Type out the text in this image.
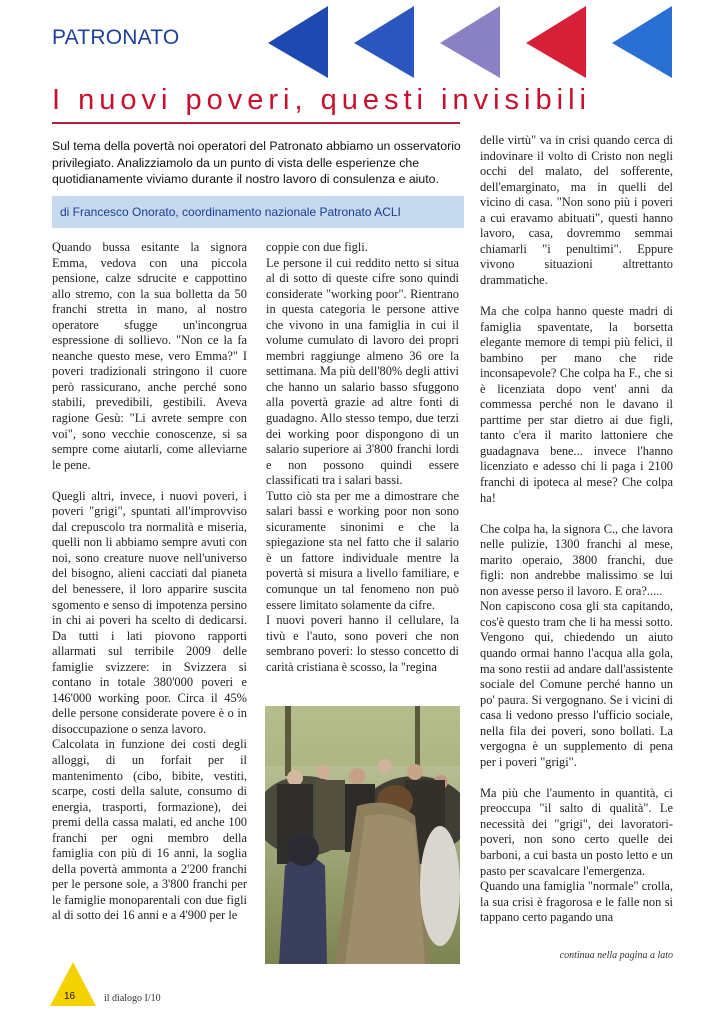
PATRONATO
I nuovi poveri, questi invisibili
Sul tema della povertà noi operatori del Patronato abbiamo un osservatorio privilegiato. Analizziamolo da un punto di vista delle esperienze che quotidianamente viviamo durante il nostro lavoro di consulenza e aiuto.
di Francesco Onorato, coordinamento nazionale Patronato ACLI

Quando bussa esitante la signora Emma, vedova con una piccola pensione, calze sdrucite e cappottino allo stremo, con la sua bolletta da 50 franchi stretta in mano, al nostro operatore sfugge un'incongrua espressione di sollievo. "Non ce la fa neanche questo mese, vero Emma?" I poveri tradizionali stringono il cuore però rassicurano, anche perché sono stabili, prevedibili, gestibili. Aveva ragione Gesù: "Li avrete sempre con voi", sono vecchie conoscenze, si sa sempre come aiutarli, come alleviarne le pene.

Quegli altri, invece, i nuovi poveri, i poveri "grigi", spuntati all'improvviso dal crepuscolo tra normalità e miseria, quelli non li abbiamo sempre avuti con noi, sono creature nuove nell'universo del bisogno, alieni cacciati dal pianeta del benessere, il loro apparire suscita sgomento e senso di impotenza persino in chi ai poveri ha scelto di dedicarsi. Da tutti i lati piovono rapporti allarmati sul terribile 2009 delle famiglie svizzere: in Svizzera si contano in totale 380'000 poveri e 146'000 working poor. Circa il 45% delle persone considerate povere è o in disoccupazione o senza lavoro.

Calcolata in funzione dei costi degli alloggi, di un forfait per il mantenimento (cibo, bibite, vestiti, scarpe, costi della salute, consumo di energia, trasporti, formazione), dei premi della cassa malati, ed anche 100 franchi per ogni membro della famiglia con più di 16 anni, la soglia della povertà ammonta a 2'200 franchi per le persone sole, a 3'800 franchi per le famiglie monoparentali con due figli al di sotto dei 16 anni e a 4'900 per le

coppie con due figli.

Le persone il cui reddito netto si situa al di sotto di queste cifre sono quindi considerate "working poor". Rientrano in questa categoria le persone attive che vivono in una famiglia in cui il volume cumulato di lavoro dei propri membri raggiunge almeno 36 ore la settimana. Ma più dell'80% degli attivi che hanno un salario basso sfuggono alla povertà grazie ad altre fonti di guadagno. Allo stesso tempo, due terzi dei working poor dispongono di un salario superiore ai 3'800 franchi lordi e non possono quindi essere classificati tra i salari bassi.

Tutto ciò sta per me a dimostrare che salari bassi e working poor non sono sicuramente sinonimi e che la spiegazione sta nel fatto che il salario è un fattore individuale mentre la povertà si misura a livello familiare, e comunque un tal fenomeno non può essere limitato solamente da cifre.

I nuovi poveri hanno il cellulare, la tivù e l'auto, sono poveri che non sembrano poveri: lo stesso concetto di carità cristiana è scosso, la "regina

delle virtù" va in crisi quando cerca di indovinare il volto di Cristo non negli occhi del malato, del sofferente, dell'emarginato, ma in quelli del vicino di casa. "Non sono più i poveri a cui eravamo abituati", questi hanno lavoro, casa, dovremmo semmai chiamarli "i penultimi". Eppure vivono situazioni altrettanto drammatiche.

Ma che colpa hanno queste madri di famiglia spaventate, la borsetta elegante memore di tempi più felici, il bambino per mano che ride inconsapevole? Che colpa ha F., che si è licenziata dopo vent' anni da commessa perché non le davano il parttime per star dietro ai due figli, tanto c'era il marito lattoniere che guadagnava bene... invece l'hanno licenziato e adesso chi li paga i 2100 franchi di ipoteca al mese? Che colpa ha!

Che colpa ha, la signora C., che lavora nelle pulizie, 1300 franchi al mese, marito operaio, 3800 franchi, due figli: non andrebbe malissimo se lui non avesse perso il lavoro. E ora?.....

Non capiscono cosa gli sta capitando, cos'è questo tram che li ha messi sotto. Vengono qui, chiedendo un aiuto quando ormai hanno l'acqua alla gola, ma sono restii ad andare dall'assistente sociale del Comune perché hanno un po' paura. Si vergognano. Se i vicini di casa li vedono presso l'ufficio sociale, nella fila dei poveri, sono bollati. La vergogna è un supplemento di pena per i poveri "grigi".

Ma più che l'aumento in quantità, ci preoccupa "il salto di qualità". Le necessità dei "grigi", dei lavoratori-poveri, non sono certo quelle dei barboni, a cui basta un posto letto e un pasto per scavalcare l'emergenza.

Quando una famiglia "normale" crolla, la sua crisi è fragorosa e le falle non si tappano certo pagando una

continua nella pagina a lato
16	il dialogo I/10
